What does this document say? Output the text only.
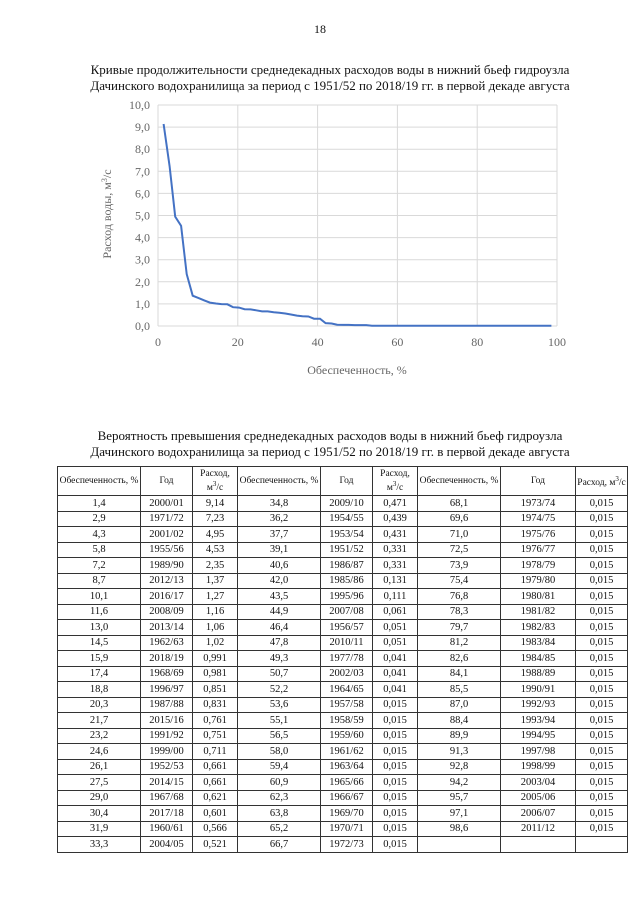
18
Кривые продолжительности среднедекадных расходов воды в нижний бьеф гидроузла
Дачинского водохранилища за период с 1951/52 по 2018/19 гг. в первой декаде августа
0,0
1,0
2,0
3,0
4,0
5,0
6,0
7,0
8,0
9,0
10,0
0	20	40	60	80	100
Расход воды, $м^3/с$
Обеспеченность, %
Вероятность превышения среднедекадных расходов воды в нижний бьеф гидроузла
Дачинского водохранилища за период с 1951/52 по 2018/19 гг. в первой декаде августа
Обеспеченность, %	Год	Расход, $м^3/с$	Обеспеченность, %	Год	Расход, $м^3/с$	Обеспеченность, %	Год	Расход, $м^3/с$
1,4	2000/01	9,14	34,8	2009/10	0,471	68,1	1973/74	0,015
2,9	1971/72	7,23	36,2	1954/55	0,439	69,6	1974/75	0,015
4,3	2001/02	4,95	37,7	1953/54	0,431	71,0	1975/76	0,015
5,8	1955/56	4,53	39,1	1951/52	0,331	72,5	1976/77	0,015
7,2	1989/90	2,35	40,6	1986/87	0,331	73,9	1978/79	0,015
8,7	2012/13	1,37	42,0	1985/86	0,131	75,4	1979/80	0,015
10,1	2016/17	1,27	43,5	1995/96	0,111	76,8	1980/81	0,015
11,6	2008/09	1,16	44,9	2007/08	0,061	78,3	1981/82	0,015
13,0	2013/14	1,06	46,4	1956/57	0,051	79,7	1982/83	0,015
14,5	1962/63	1,02	47,8	2010/11	0,051	81,2	1983/84	0,015
15,9	2018/19	0,991	49,3	1977/78	0,041	82,6	1984/85	0,015
17,4	1968/69	0,981	50,7	2002/03	0,041	84,1	1988/89	0,015
18,8	1996/97	0,851	52,2	1964/65	0,041	85,5	1990/91	0,015
20,3	1987/88	0,831	53,6	1957/58	0,015	87,0	1992/93	0,015
21,7	2015/16	0,761	55,1	1958/59	0,015	88,4	1993/94	0,015
23,2	1991/92	0,751	56,5	1959/60	0,015	89,9	1994/95	0,015
24,6	1999/00	0,711	58,0	1961/62	0,015	91,3	1997/98	0,015
26,1	1952/53	0,661	59,4	1963/64	0,015	92,8	1998/99	0,015
27,5	2014/15	0,661	60,9	1965/66	0,015	94,2	2003/04	0,015
29,0	1967/68	0,621	62,3	1966/67	0,015	95,7	2005/06	0,015
30,4	2017/18	0,601	63,8	1969/70	0,015	97,1	2006/07	0,015
31,9	1960/61	0,566	65,2	1970/71	0,015	98,6	2011/12	0,015
33,3	2004/05	0,521	66,7	1972/73	0,015			
